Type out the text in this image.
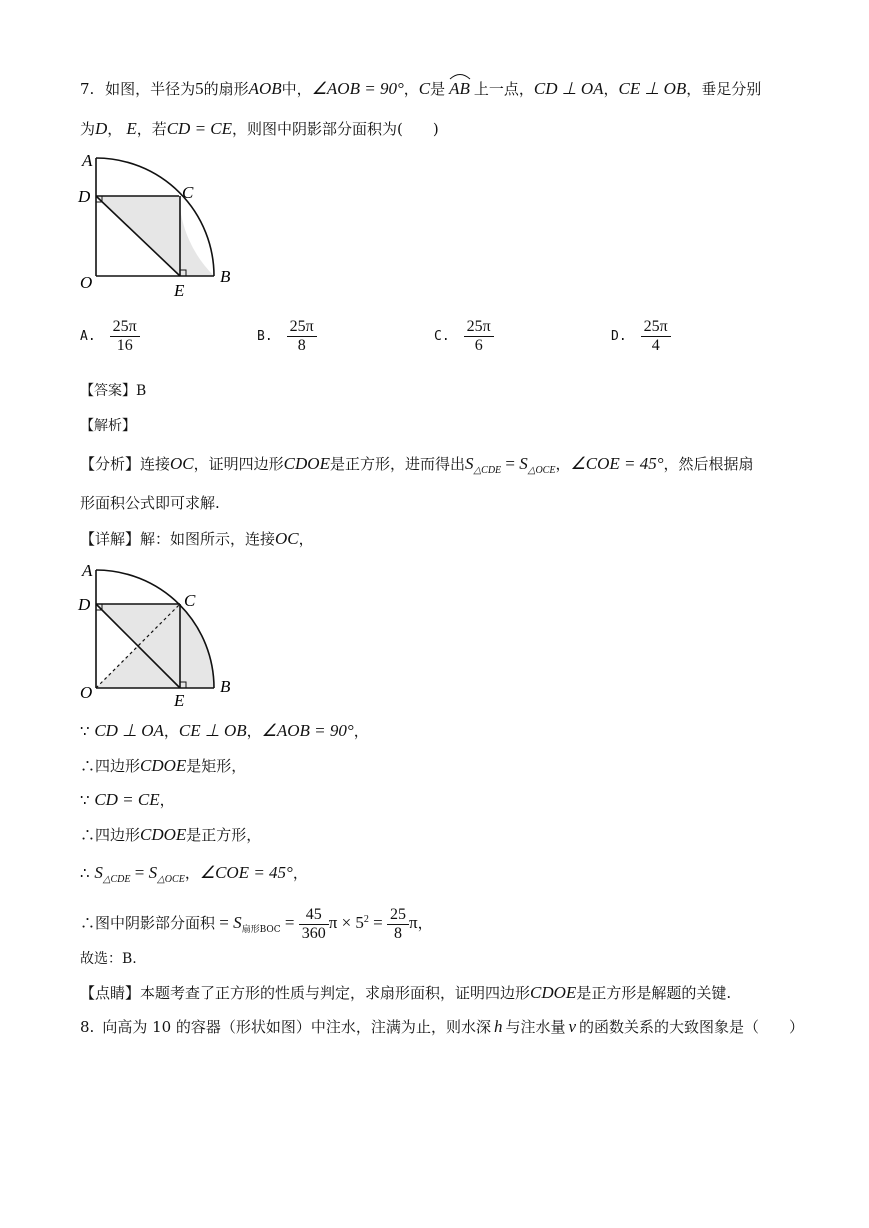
7. 如图，半径为5的扇形AOB中，∠AOB = 90°，C是 AB 上一点，CD ⊥ OA，CE ⊥ OB，垂足分别
为D， E，若CD = CE，则图中阴影部分面积为(　　)
A
D	C
O	E
B
A. $\frac{25\pi}{16}$	B. $\frac{25\pi}{8}$	C. $\frac{25\pi}{6}$	D. $\frac{25\pi}{4}$
【答案】B
【解析】
【分析】连接OC，证明四边形CDOE是正方形，进而得出$S_{\triangle CDE} = S_{\triangle OCE}$，∠COE = 45°，然后根据扇
形面积公式即可求解.
【详解】解：如图所示，连接OC，
A
D	C
O	E
B
∵ CD ⊥ OA，CE ⊥ OB，∠AOB = 90°，
∴四边形CDOE是矩形，
∵ CD = CE，
∴四边形CDOE是正方形，
∴ $S_{\triangle CDE} = S_{\triangle OCE}$，∠COE = 45°，
∴图中阴影部分面积 = $S_{扇形BOC} = \frac{45}{360}$ $\pi \times 5^2 = \frac{25}{8}$ π，
故选：B.
【点睛】本题考查了正方形的性质与判定，求扇形面积，证明四边形CDOE是正方形是解题的关键.
8. 向高为 10 的容器（形状如图）中注水，注满为止，则水深 h 与注水量 v 的函数关系的大致图象是（　　）
